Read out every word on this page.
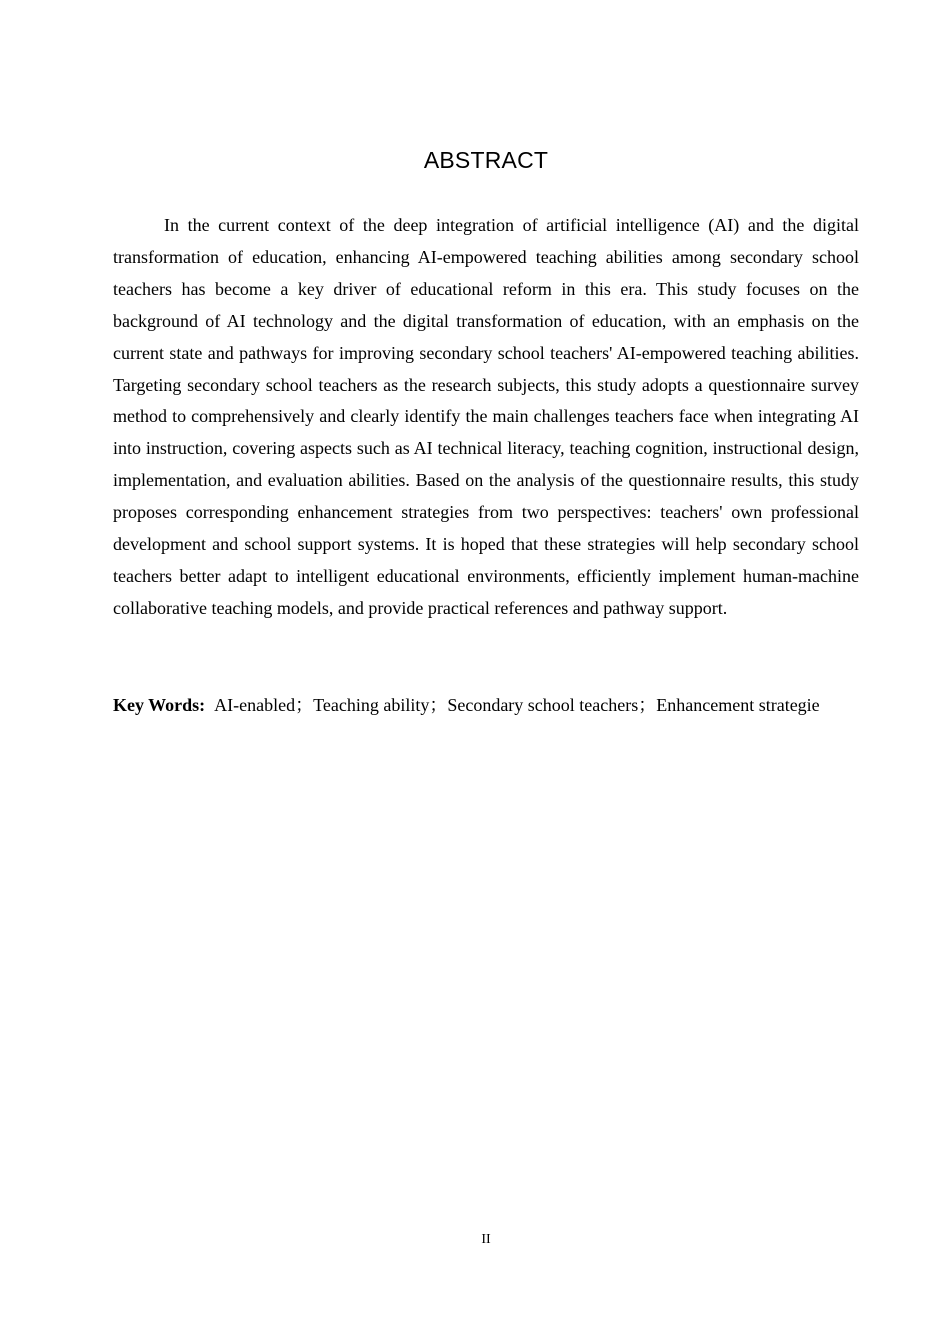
ABSTRACT

In the current context of the deep integration of artificial intelligence (AI) and the digital transformation of education, enhancing AI-empowered teaching abilities among secondary school teachers has become a key driver of educational reform in this era. This study focuses on the background of AI technology and the digital transformation of education, with an emphasis on the current state and pathways for improving secondary school teachers' AI-empowered teaching abilities. Targeting secondary school teachers as the research subjects, this study adopts a questionnaire survey method to comprehensively and clearly identify the main challenges teachers face when integrating AI into instruction, covering aspects such as AI technical literacy, teaching cognition, instructional design, implementation, and evaluation abilities. Based on the analysis of the questionnaire results, this study proposes corresponding enhancement strategies from two perspectives: teachers' own professional development and school support systems. It is hoped that these strategies will help secondary school teachers better adapt to intelligent educational environments, efficiently implement human-machine collaborative teaching models, and provide practical references and pathway support.

Key Words: AI-enabled；Teaching ability；Secondary school teachers；Enhancement strategie

II
